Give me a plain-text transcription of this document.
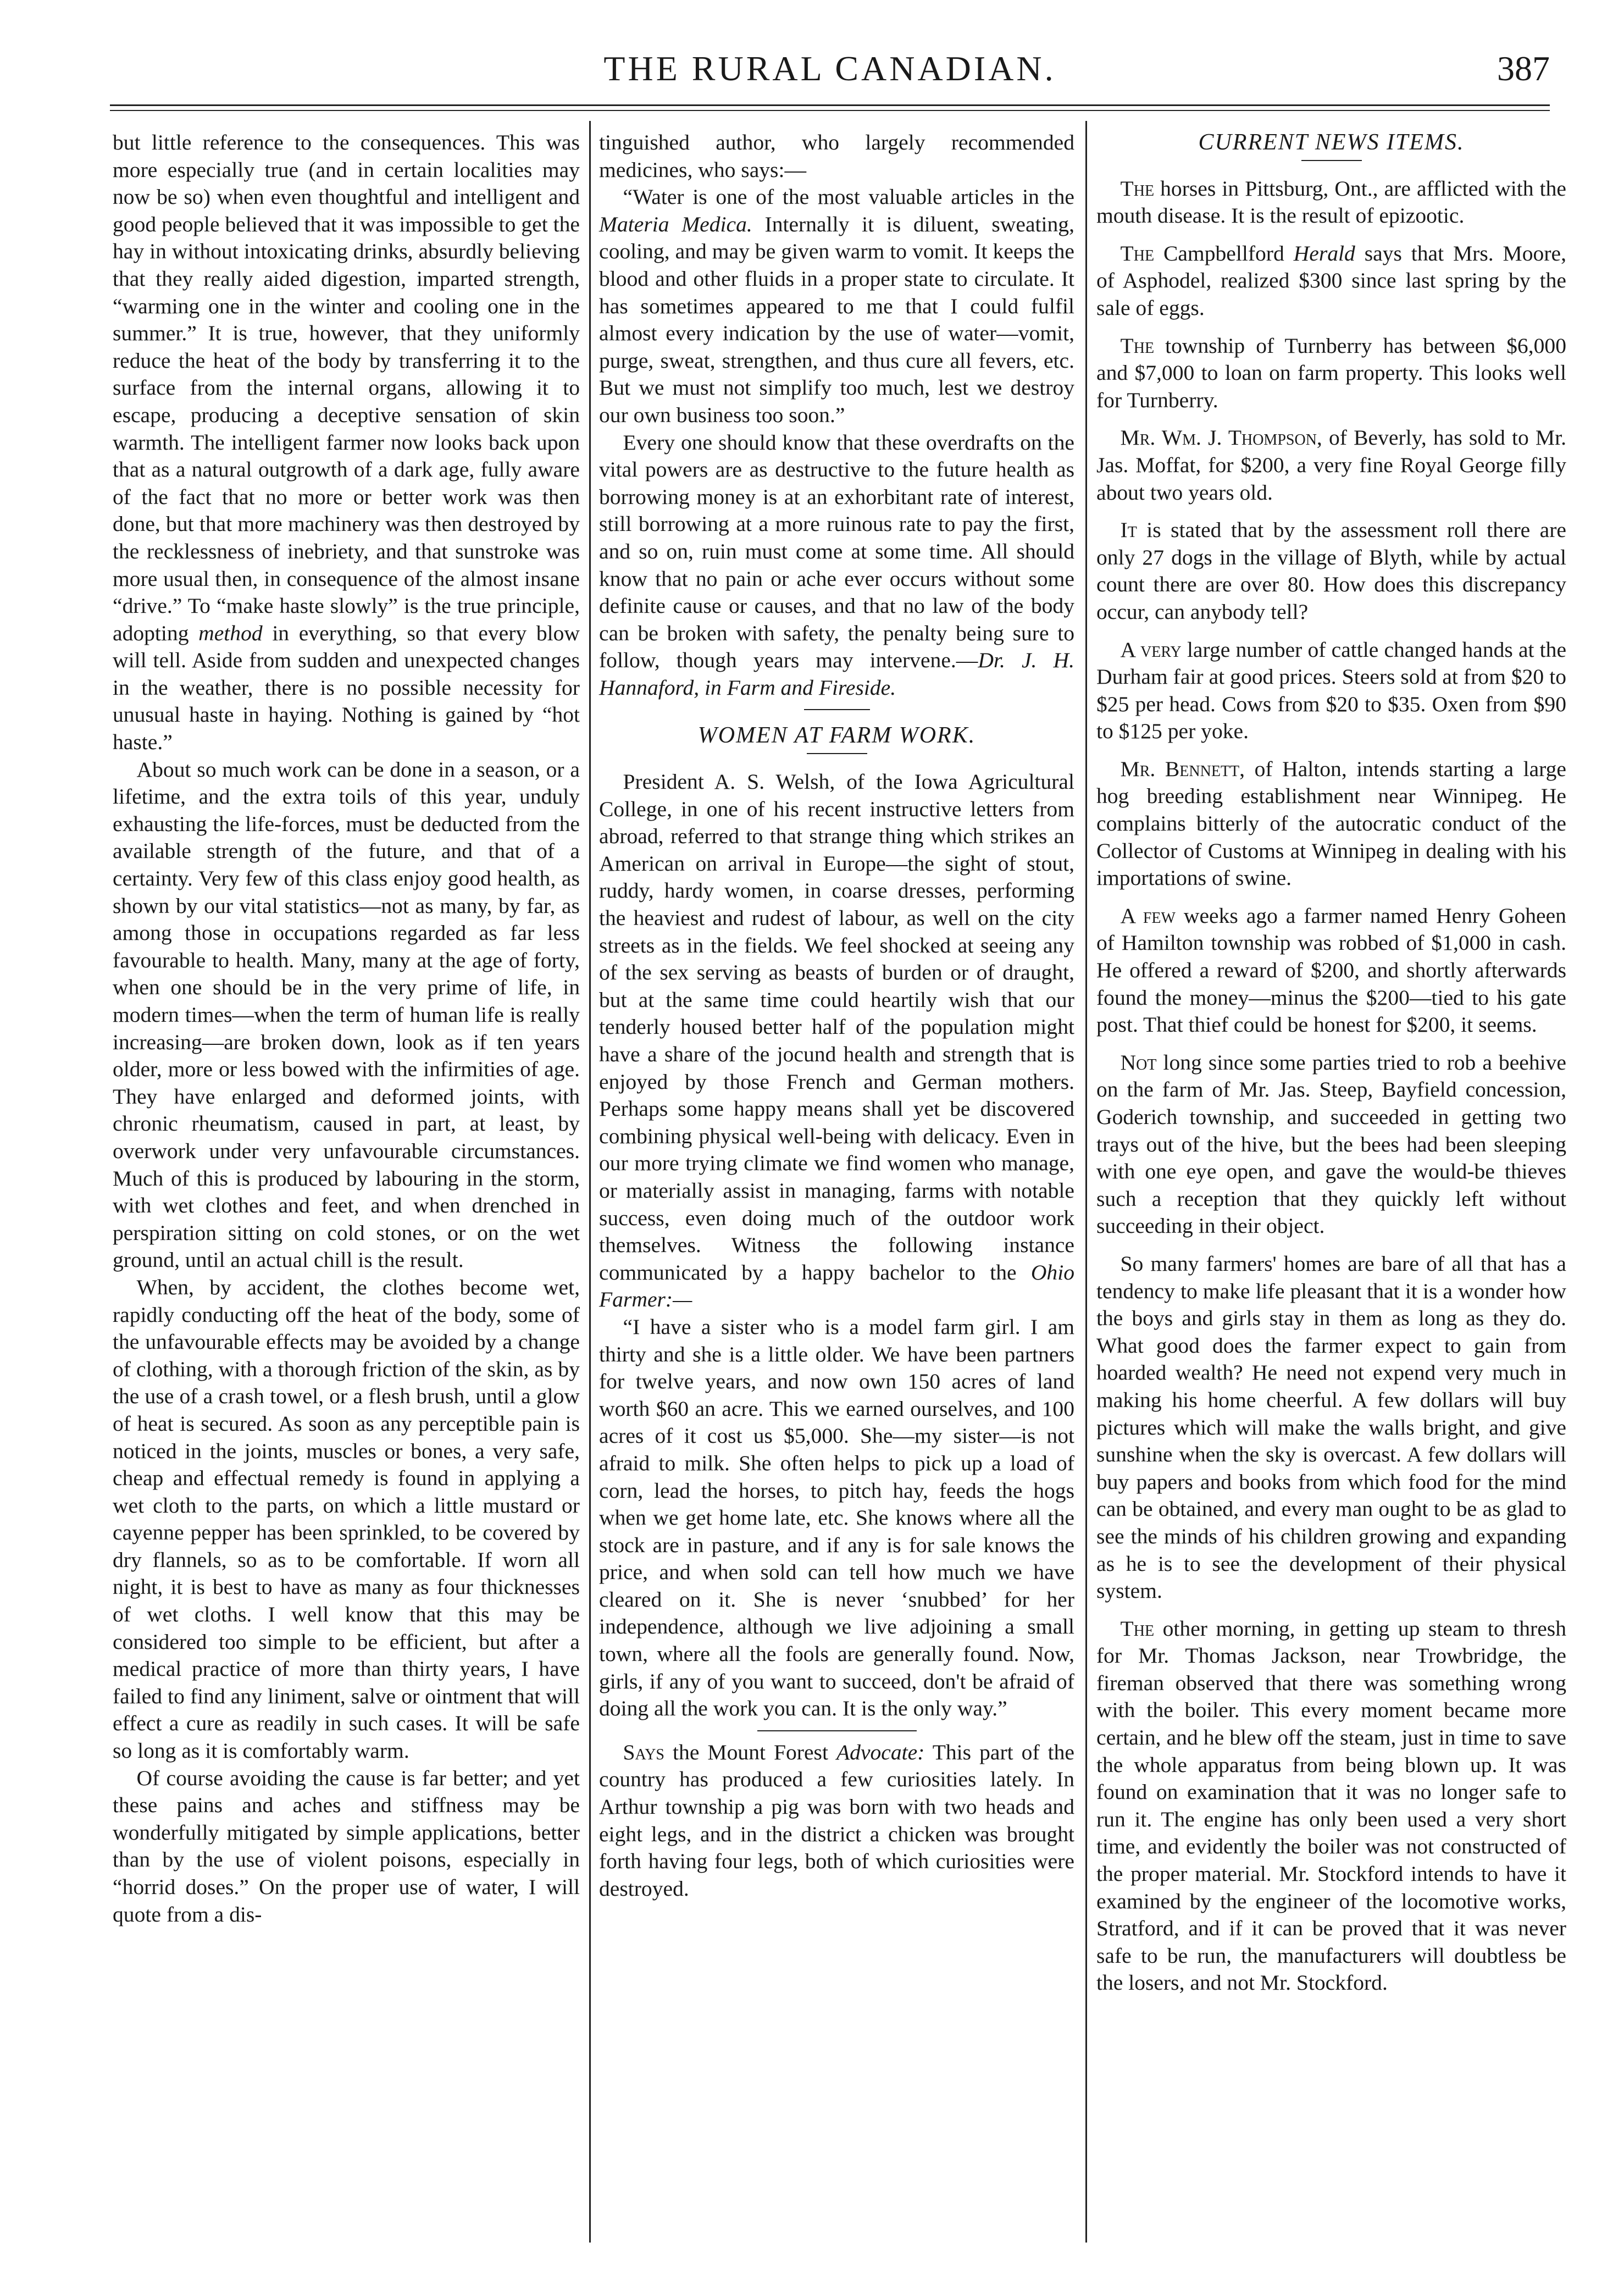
THE RURAL CANADIAN.	387

but little reference to the consequences. This was more especially true (and in certain localities may now be so) when even thoughtful and intelligent and good people believed that it was impossible to get the hay in without intoxicating drinks, absurdly believing that they really aided digestion, imparted strength, “warming one in the winter and cooling one in the summer.” It is true, however, that they uniformly reduce the heat of the body by transferring it to the surface from the internal organs, allowing it to escape, producing a deceptive sensation of skin warmth. The intelligent farmer now looks back upon that as a natural outgrowth of a dark age, fully aware of the fact that no more or better work was then done, but that more machinery was then destroyed by the recklessness of inebriety, and that sunstroke was more usual then, in consequence of the almost insane “drive.” To “make haste slowly” is the true principle, adopting method in everything, so that every blow will tell. Aside from sudden and unexpected changes in the weather, there is no possible necessity for unusual haste in haying. Nothing is gained by “hot haste.”

About so much work can be done in a season, or a lifetime, and the extra toils of this year, unduly exhausting the life-forces, must be deducted from the available strength of the future, and that of a certainty. Very few of this class enjoy good health, as shown by our vital statistics—not as many, by far, as among those in occupations regarded as far less favourable to health. Many, many at the age of forty, when one should be in the very prime of life, in modern times—when the term of human life is really increasing—are broken down, look as if ten years older, more or less bowed with the infirmities of age. They have enlarged and deformed joints, with chronic rheumatism, caused in part, at least, by overwork under very unfavourable circumstances. Much of this is produced by labouring in the storm, with wet clothes and feet, and when drenched in perspiration sitting on cold stones, or on the wet ground, until an actual chill is the result.

When, by accident, the clothes become wet, rapidly conducting off the heat of the body, some of the unfavourable effects may be avoided by a change of clothing, with a thorough friction of the skin, as by the use of a crash towel, or a flesh brush, until a glow of heat is secured. As soon as any perceptible pain is noticed in the joints, muscles or bones, a very safe, cheap and effectual remedy is found in applying a wet cloth to the parts, on which a little mustard or cayenne pepper has been sprinkled, to be covered by dry flannels, so as to be comfortable. If worn all night, it is best to have as many as four thicknesses of wet cloths. I well know that this may be considered too simple to be efficient, but after a medical practice of more than thirty years, I have failed to find any liniment, salve or ointment that will effect a cure as readily in such cases. It will be safe so long as it is comfortably warm.

Of course avoiding the cause is far better; and yet these pains and aches and stiffness may be wonderfully mitigated by simple applications, better than by the use of violent poisons, especially in “horrid doses.” On the proper use of water, I will quote from a dis-

tinguished author, who largely recommended medicines, who says:—

“Water is one of the most valuable articles in the Materia Medica. Internally it is diluent, sweating, cooling, and may be given warm to vomit. It keeps the blood and other fluids in a proper state to circulate. It has sometimes appeared to me that I could fulfil almost every indication by the use of water—vomit, purge, sweat, strengthen, and thus cure all fevers, etc. But we must not simplify too much, lest we destroy our own business too soon.”

Every one should know that these overdrafts on the vital powers are as destructive to the future health as borrowing money is at an exhorbitant rate of interest, still borrowing at a more ruinous rate to pay the first, and so on, ruin must come at some time. All should know that no pain or ache ever occurs without some definite cause or causes, and that no law of the body can be broken with safety, the penalty being sure to follow, though years may intervene.—Dr. J. H. Hannaford, in Farm and Fireside.

WOMEN AT FARM WORK.

President A. S. Welsh, of the Iowa Agricultural College, in one of his recent instructive letters from abroad, referred to that strange thing which strikes an American on arrival in Europe—the sight of stout, ruddy, hardy women, in coarse dresses, performing the heaviest and rudest of labour, as well on the city streets as in the fields. We feel shocked at seeing any of the sex serving as beasts of burden or of draught, but at the same time could heartily wish that our tenderly housed better half of the population might have a share of the jocund health and strength that is enjoyed by those French and German mothers. Perhaps some happy means shall yet be discovered combining physical well-being with delicacy. Even in our more trying climate we find women who manage, or materially assist in managing, farms with notable success, even doing much of the outdoor work themselves. Witness the following instance communicated by a happy bachelor to the Ohio Farmer:—

“I have a sister who is a model farm girl. I am thirty and she is a little older. We have been partners for twelve years, and now own 150 acres of land worth $60 an acre. This we earned ourselves, and 100 acres of it cost us $5,000. She—my sister—is not afraid to milk. She often helps to pick up a load of corn, lead the horses, to pitch hay, feeds the hogs when we get home late, etc. She knows where all the stock are in pasture, and if any is for sale knows the price, and when sold can tell how much we have cleared on it. She is never ‘snubbed’ for her independence, although we live adjoining a small town, where all the fools are generally found. Now, girls, if any of you want to succeed, don't be afraid of doing all the work you can. It is the only way.”

Says the Mount Forest Advocate: This part of the country has produced a few curiosities lately. In Arthur township a pig was born with two heads and eight legs, and in the district a chicken was brought forth having four legs, both of which curiosities were destroyed.

CURRENT NEWS ITEMS.

The horses in Pittsburg, Ont., are afflicted with the mouth disease. It is the result of epizootic.

The Campbellford Herald says that Mrs. Moore, of Asphodel, realized $300 since last spring by the sale of eggs.

The township of Turnberry has between $6,000 and $7,000 to loan on farm property. This looks well for Turnberry.

Mr. Wm. J. Thompson, of Beverly, has sold to Mr. Jas. Moffat, for $200, a very fine Royal George filly about two years old.

It is stated that by the assessment roll there are only 27 dogs in the village of Blyth, while by actual count there are over 80. How does this discrepancy occur, can anybody tell?

A very large number of cattle changed hands at the Durham fair at good prices. Steers sold at from $20 to $25 per head. Cows from $20 to $35. Oxen from $90 to $125 per yoke.

Mr. Bennett, of Halton, intends starting a large hog breeding establishment near Winnipeg. He complains bitterly of the autocratic conduct of the Collector of Customs at Winnipeg in dealing with his importations of swine.

A few weeks ago a farmer named Henry Goheen of Hamilton township was robbed of $1,000 in cash. He offered a reward of $200, and shortly afterwards found the money—minus the $200—tied to his gate post. That thief could be honest for $200, it seems.

Not long since some parties tried to rob a beehive on the farm of Mr. Jas. Steep, Bayfield concession, Goderich township, and succeeded in getting two trays out of the hive, but the bees had been sleeping with one eye open, and gave the would-be thieves such a reception that they quickly left without succeeding in their object.

So many farmers' homes are bare of all that has a tendency to make life pleasant that it is a wonder how the boys and girls stay in them as long as they do. What good does the farmer expect to gain from hoarded wealth? He need not expend very much in making his home cheerful. A few dollars will buy pictures which will make the walls bright, and give sunshine when the sky is overcast. A few dollars will buy papers and books from which food for the mind can be obtained, and every man ought to be as glad to see the minds of his children growing and expanding as he is to see the development of their physical system.

The other morning, in getting up steam to thresh for Mr. Thomas Jackson, near Trowbridge, the fireman observed that there was something wrong with the boiler. This every moment became more certain, and he blew off the steam, just in time to save the whole apparatus from being blown up. It was found on examination that it was no longer safe to run it. The engine has only been used a very short time, and evidently the boiler was not constructed of the proper material. Mr. Stockford intends to have it examined by the engineer of the locomotive works, Stratford, and if it can be proved that it was never safe to be run, the manufacturers will doubtless be the losers, and not Mr. Stockford.
